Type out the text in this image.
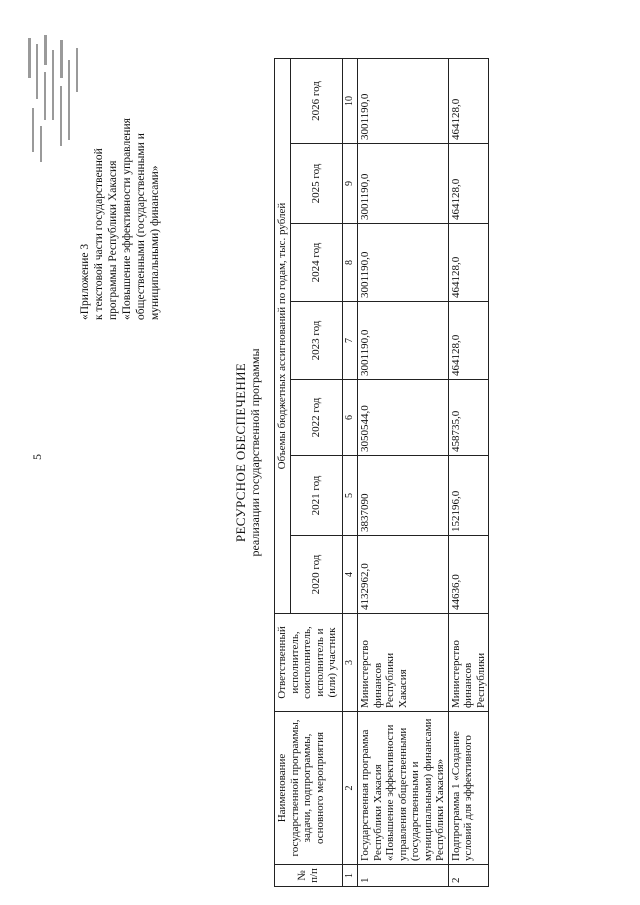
5
«Приложение 3 к текстовой части государственной программы Республики Хакасия «Повышение эффективности управления общественными (государственными и муниципальными) финансами»
РЕСУРСНОЕ ОБЕСПЕЧЕНИЕ реализации государственной программы
№ п/п	Наименование государственной программы, задачи, подпрограммы, основного мероприятия	Ответственный исполнитель, соисполнитель, исполнитель и (или) участник	Объемы бюджетных ассигнований по годам, тыс. рублей						
			2020 год	2021 год	2022 год	2023 год	2024 год	2025 год	2026 год
1	2	3	4	5	6	7	8	9	10
1	Государственная программа Республики Хакасия «Повышение эффективности управления общественными (государственными и муниципальными) финансами Республики Хакасия»	Министерство финансов Республики Хакасия	4132962,0	3837090	3050544,0	3001190,0	3001190,0	3001190,0	3001190,0
2	Подпрограмма 1 «Создание условий для эффективного	Министерство финансов Республики	44636,0	152196,0	458735,0	464128,0	464128,0	464128,0	464128,0
